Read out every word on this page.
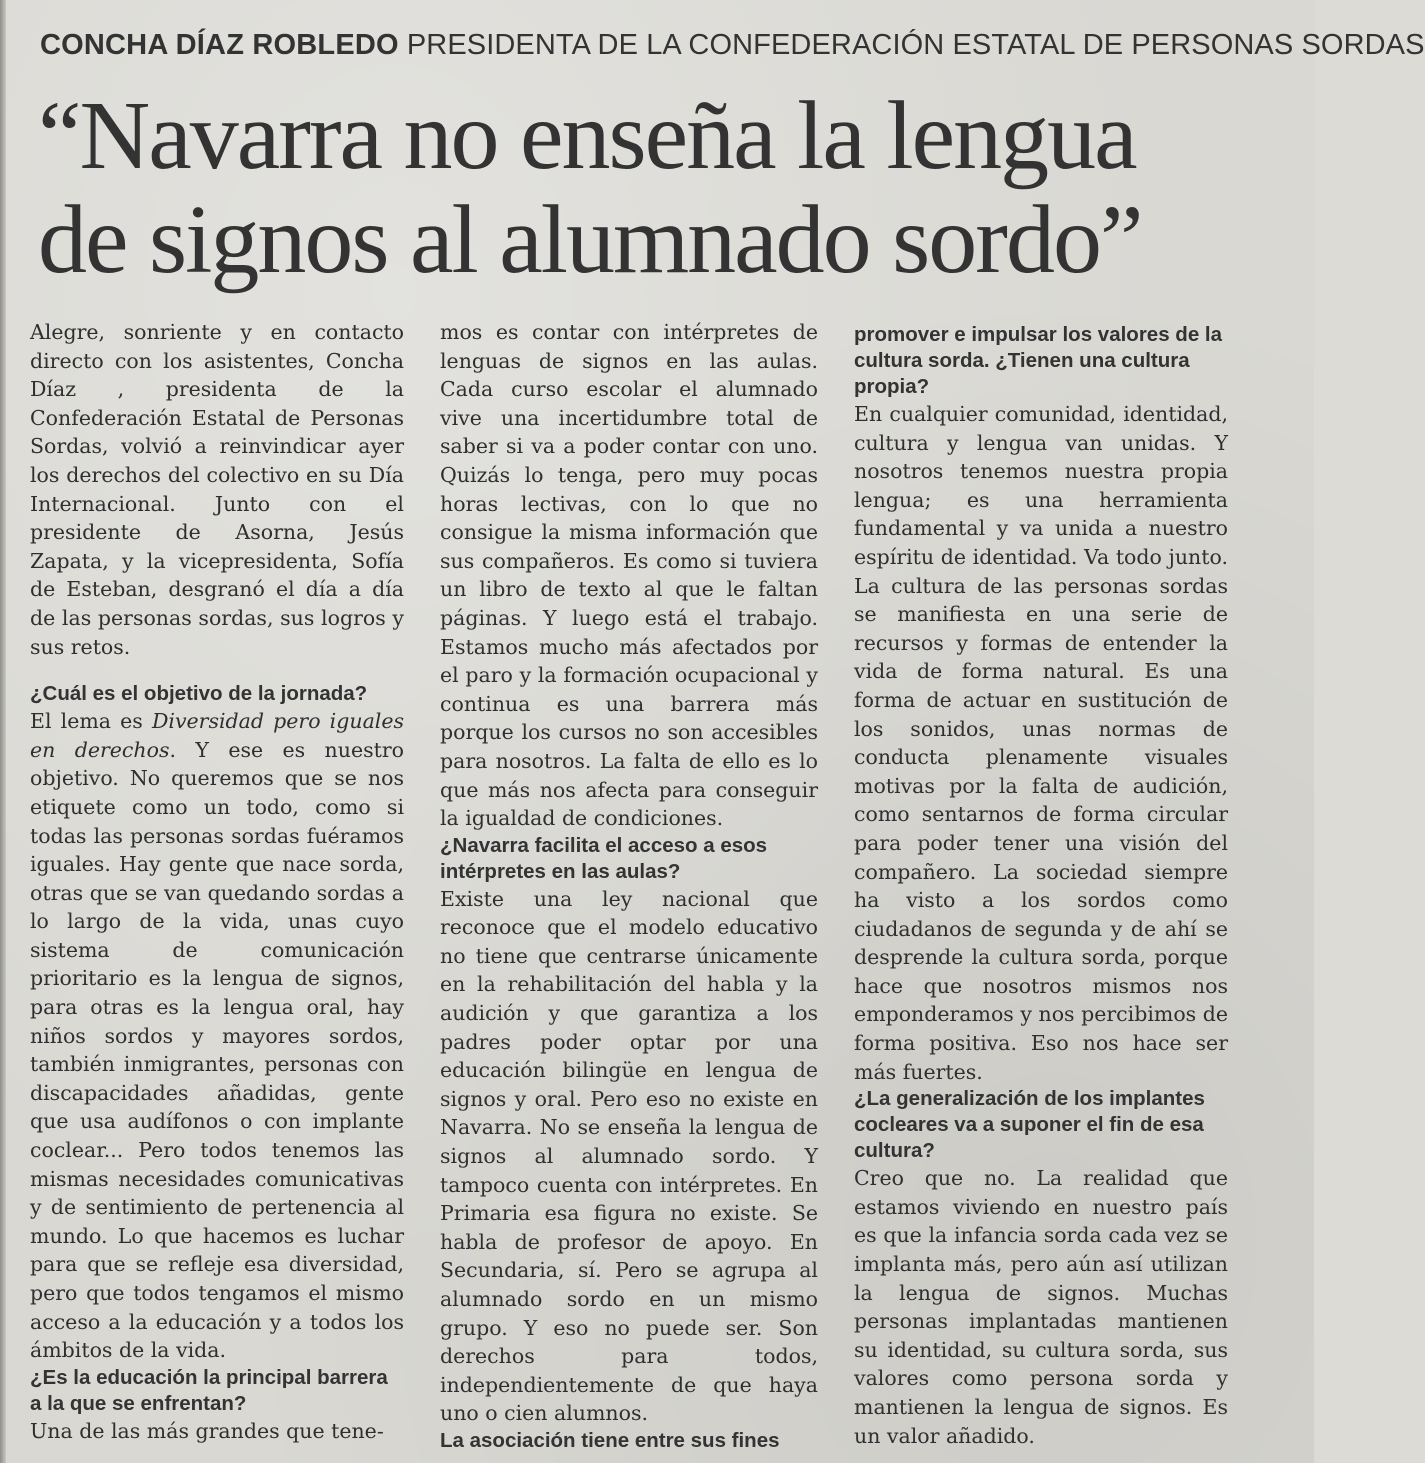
CONCHA DÍAZ ROBLEDO PRESIDENTA DE LA CONFEDERACIÓN ESTATAL DE PERSONAS SORDAS
“Navarra no enseña la lengua
de signos al alumnado sordo”

Alegre, sonriente y en contacto directo con los asistentes, Concha Díaz , presidenta de la Confederación Estatal de Personas Sordas, volvió a reinvindicar ayer los derechos del colectivo en su Día Internacional. Junto con el presidente de Asorna, Jesús Zapata, y la vicepresidenta, Sofía de Esteban, desgranó el día a día de las personas sordas, sus logros y sus retos.

¿Cuál es el objetivo de la jornada?

El lema es Diversidad pero iguales en derechos. Y ese es nuestro objetivo. No queremos que se nos etiquete como un todo, como si todas las personas sordas fuéramos iguales. Hay gente que nace sorda, otras que se van quedando sordas a lo largo de la vida, unas cuyo sistema de comunicación prioritario es la lengua de signos, para otras es la lengua oral, hay niños sordos y mayores sordos, también inmigrantes, personas con discapacidades añadidas, gente que usa audífonos o con implante coclear... Pero todos tenemos las mismas necesidades comunicativas y de sentimiento de pertenencia al mundo. Lo que hacemos es luchar para que se refleje esa diversidad, pero que todos tengamos el mismo acceso a la educación y a todos los ámbitos de la vida.

¿Es la educación la principal barrera a la que se enfrentan?

Una de las más grandes que tene-

mos es contar con intérpretes de lenguas de signos en las aulas. Cada curso escolar el alumnado vive una incertidumbre total de saber si va a poder contar con uno. Quizás lo tenga, pero muy pocas horas lectivas, con lo que no consigue la misma información que sus compañeros. Es como si tuviera un libro de texto al que le faltan páginas. Y luego está el trabajo. Estamos mucho más afectados por el paro y la formación ocupacional y continua es una barrera más porque los cursos no son accesibles para nosotros. La falta de ello es lo que más nos afecta para conseguir la igualdad de condiciones.

¿Navarra facilita el acceso a esos intérpretes en las aulas?

Existe una ley nacional que reconoce que el modelo educativo no tiene que centrarse únicamente en la rehabilitación del habla y la audición y que garantiza a los padres poder optar por una educación bilingüe en lengua de signos y oral. Pero eso no existe en Navarra. No se enseña la lengua de signos al alumnado sordo. Y tampoco cuenta con intérpretes. En Primaria esa figura no existe. Se habla de profesor de apoyo. En Secundaria, sí. Pero se agrupa al alumnado sordo en un mismo grupo. Y eso no puede ser. Son derechos para todos, independientemente de que haya uno o cien alumnos.

La asociación tiene entre sus fines

promover e impulsar los valores de la cultura sorda. ¿Tienen una cultura propia?

En cualquier comunidad, identidad, cultura y lengua van unidas. Y nosotros tenemos nuestra propia lengua; es una herramienta fundamental y va unida a nuestro espíritu de identidad. Va todo junto. La cultura de las personas sordas se manifiesta en una serie de recursos y formas de entender la vida de forma natural. Es una forma de actuar en sustitución de los sonidos, unas normas de conducta plenamente visuales motivas por la falta de audición, como sentarnos de forma circular para poder tener una visión del compañero. La sociedad siempre ha visto a los sordos como ciudadanos de segunda y de ahí se desprende la cultura sorda, porque hace que nosotros mismos nos emponderamos y nos percibimos de forma positiva. Eso nos hace ser más fuertes.

¿La generalización de los implantes cocleares va a suponer el fin de esa cultura?

Creo que no. La realidad que estamos viviendo en nuestro país es que la infancia sorda cada vez se implanta más, pero aún así utilizan la lengua de signos. Muchas personas implantadas mantienen su identidad, su cultura sorda, sus valores como persona sorda y mantienen la lengua de signos. Es un valor añadido.
